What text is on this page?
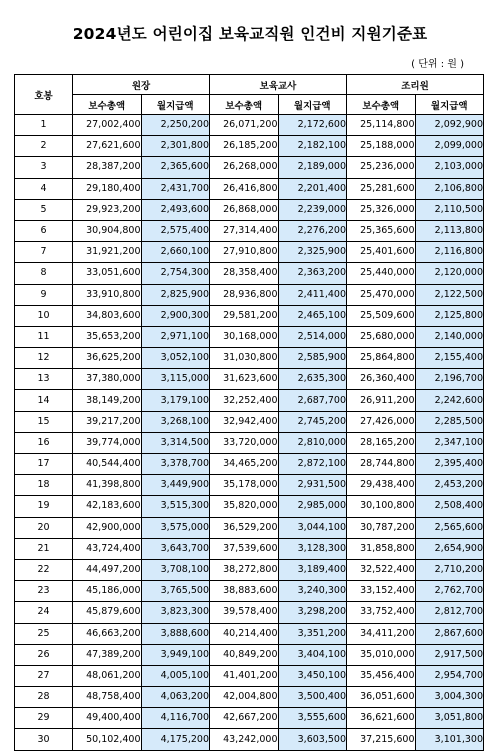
2024년도 어린이집 보육교직원 인건비 지원기준표
( 단위 : 원 )
호봉	원장		보육교사		조리원	
	보수총액	월지급액	보수총액	월지급액	보수총액	월지급액
1	27,002,400	2,250,200	26,071,200	2,172,600	25,114,800	2,092,900
2	27,621,600	2,301,800	26,185,200	2,182,100	25,188,000	2,099,000
3	28,387,200	2,365,600	26,268,000	2,189,000	25,236,000	2,103,000
4	29,180,400	2,431,700	26,416,800	2,201,400	25,281,600	2,106,800
5	29,923,200	2,493,600	26,868,000	2,239,000	25,326,000	2,110,500
6	30,904,800	2,575,400	27,314,400	2,276,200	25,365,600	2,113,800
7	31,921,200	2,660,100	27,910,800	2,325,900	25,401,600	2,116,800
8	33,051,600	2,754,300	28,358,400	2,363,200	25,440,000	2,120,000
9	33,910,800	2,825,900	28,936,800	2,411,400	25,470,000	2,122,500
10	34,803,600	2,900,300	29,581,200	2,465,100	25,509,600	2,125,800
11	35,653,200	2,971,100	30,168,000	2,514,000	25,680,000	2,140,000
12	36,625,200	3,052,100	31,030,800	2,585,900	25,864,800	2,155,400
13	37,380,000	3,115,000	31,623,600	2,635,300	26,360,400	2,196,700
14	38,149,200	3,179,100	32,252,400	2,687,700	26,911,200	2,242,600
15	39,217,200	3,268,100	32,942,400	2,745,200	27,426,000	2,285,500
16	39,774,000	3,314,500	33,720,000	2,810,000	28,165,200	2,347,100
17	40,544,400	3,378,700	34,465,200	2,872,100	28,744,800	2,395,400
18	41,398,800	3,449,900	35,178,000	2,931,500	29,438,400	2,453,200
19	42,183,600	3,515,300	35,820,000	2,985,000	30,100,800	2,508,400
20	42,900,000	3,575,000	36,529,200	3,044,100	30,787,200	2,565,600
21	43,724,400	3,643,700	37,539,600	3,128,300	31,858,800	2,654,900
22	44,497,200	3,708,100	38,272,800	3,189,400	32,522,400	2,710,200
23	45,186,000	3,765,500	38,883,600	3,240,300	33,152,400	2,762,700
24	45,879,600	3,823,300	39,578,400	3,298,200	33,752,400	2,812,700
25	46,663,200	3,888,600	40,214,400	3,351,200	34,411,200	2,867,600
26	47,389,200	3,949,100	40,849,200	3,404,100	35,010,000	2,917,500
27	48,061,200	4,005,100	41,401,200	3,450,100	35,456,400	2,954,700
28	48,758,400	4,063,200	42,004,800	3,500,400	36,051,600	3,004,300
29	49,400,400	4,116,700	42,667,200	3,555,600	36,621,600	3,051,800
30	50,102,400	4,175,200	43,242,000	3,603,500	37,215,600	3,101,300
